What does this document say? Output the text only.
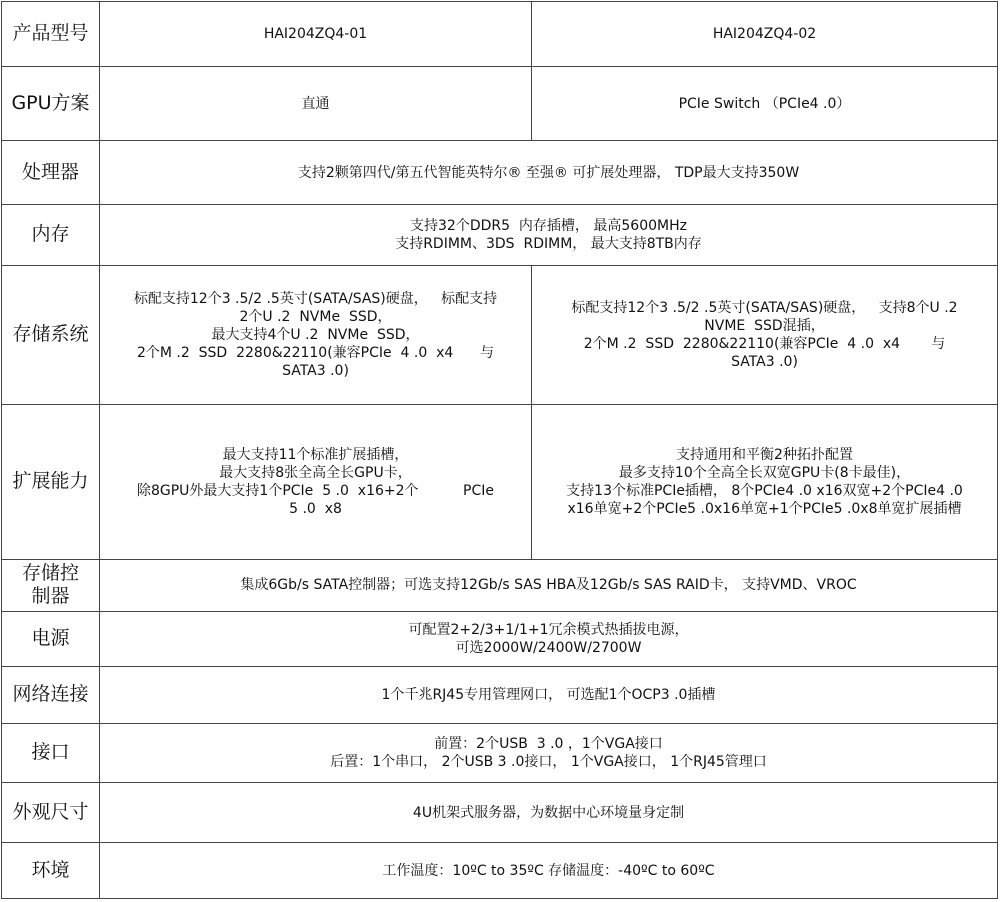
产品型号	HAI204ZQ4-01	HAI204ZQ4-02
GPU方案	直通	PCIe Switch （PCIe4 .0）
处理器	支持2颗第四代/第五代智能英特尔® 至强® 可扩展处理器， TDP最大支持350W	
内存	支持32个DDR5  内存插槽， 最高5600MHz
支持RDIMM、3DS  RDIMM， 最大支持8TB内存	

存储系统	标配支持12个3 .5/2 .5英寸(SATA/SAS)硬盘，   标配支持
2个U .2  NVMe  SSD，
最大支持4个U .2  NVMe  SSD，
2个M .2  SSD  2280&22110(兼容PCIe  4 .0  x4      与
SATA3 .0)	标配支持12个3 .5/2 .5英寸(SATA/SAS)硬盘，   支持8个U .2
NVME  SSD混插，
2个M .2  SSD  2280&22110(兼容PCIe  4 .0  x4       与
SATA3 .0)

扩展能力	最大支持11个标准扩展插槽，
最大支持8张全高全长GPU卡，
除8GPU外最大支持1个PCIe  5 .0  x16+2个          PCIe
5 .0  x8	支持通用和平衡2种拓扑配置
最多支持10个全高全长双宽GPU卡(8卡最佳)，
支持13个标准PCIe插槽， 8个PCIe4 .0 x16双宽+2个PCIe4 .0
x16单宽+2个PCIe5 .0x16单宽+1个PCIe5 .0x8单宽扩展插槽

存储控
制器	集成6Gb/s SATA控制器；可选支持12Gb/s SAS HBA及12Gb/s SAS RAID卡， 支持VMD、VROC	
电源	可配置2+2/3+1/1+1冗余模式热插拔电源，
可选2000W/2400W/2700W	

网络连接	1个千兆RJ45专用管理网口， 可选配1个OCP3 .0插槽	
接口	前置：2个USB  3 .0 ，1个VGA接口
后置：1个串口， 2个USB 3 .0接口， 1个VGA接口， 1个RJ45管理口	

外观尺寸	4U机架式服务器，为数据中心环境量身定制	
环境	工作温度：10ºC to 35ºC 存储温度：-40ºC to 60ºC	
